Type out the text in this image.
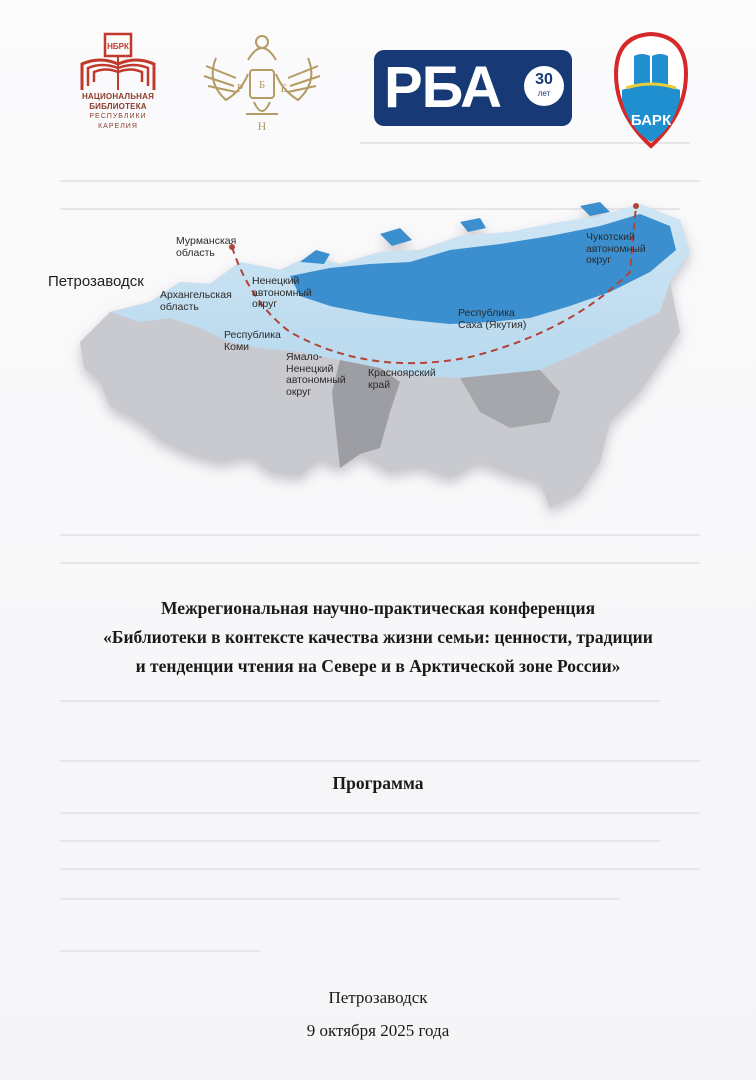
НБРК
НАЦИОНАЛЬНАЯ
БИБЛИОТЕКА
РЕСПУБЛИКИ
КАРЕЛИЯ
Р Б Б
Н
РБА	30
лет
БАРК
Мурманская
область
Архангельская
область
Ненецкий
автономный
округ
Республика
Коми
Ямало-
Ненецкий
автономный
округ
Красноярский
край
Республика
Саха (Якутия)
Чукотский
автономный
округ
Петрозаводск
Межрегиональная научно-практическая конференция
«Библиотеки в контексте качества жизни семьи: ценности, традиции
и тенденции чтения на Севере и в Арктической зоне России»
Программа
Петрозаводск
9 октября 2025 года
